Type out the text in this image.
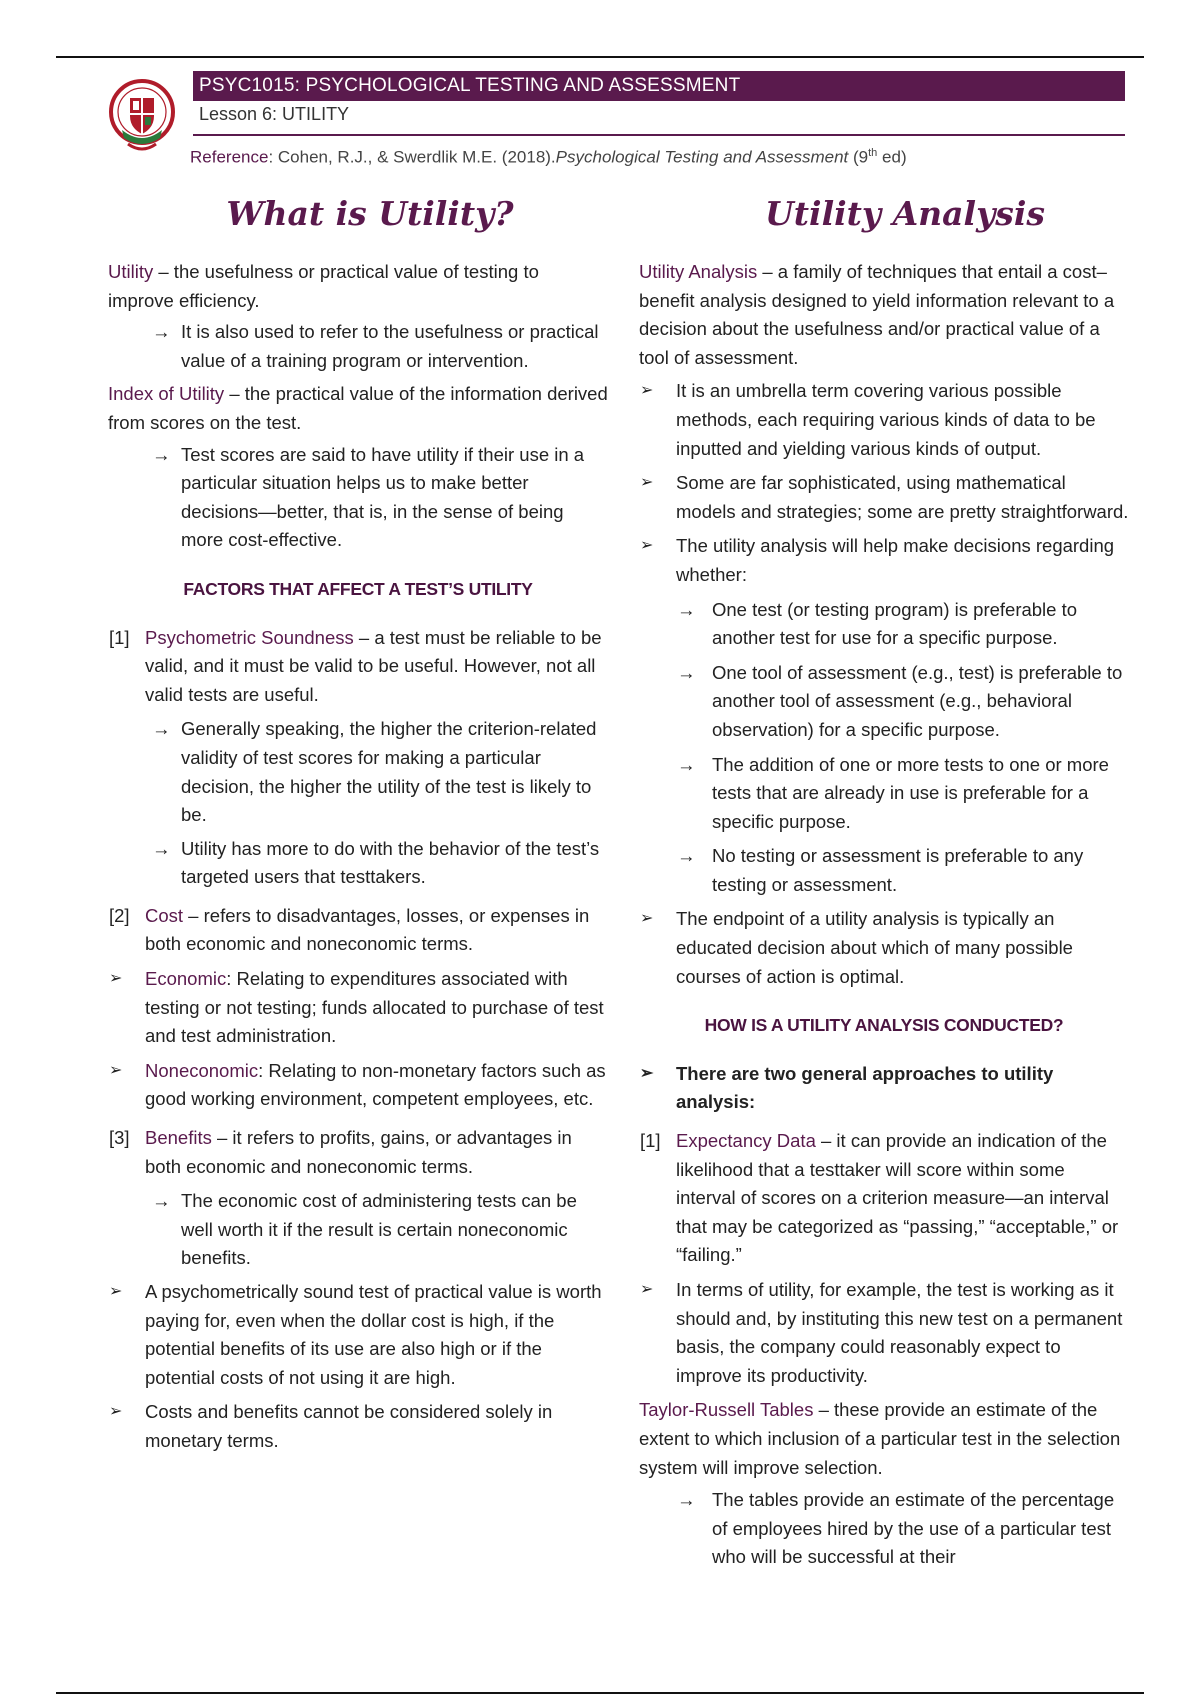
PSYC1015: PSYCHOLOGICAL TESTING AND ASSESSMENT
Lesson 6: UTILITY
Reference: Cohen, R.J., & Swerdlik M.E. (2018).Psychological Testing and Assessment (9th ed)
What is Utility?	Utility Analysis

Utility – the usefulness or practical value of testing to improve efficiency.

→ It is also used to refer to the usefulness or practical value of a training program or intervention.

Index of Utility – the practical value of the information derived from scores on the test.

→ Test scores are said to have utility if their use in a particular situation helps us to make better decisions—better, that is, in the sense of being more cost-effective.
FACTORS THAT AFFECT A TEST’S UTILITY
[1] Psychometric Soundness – a test must be reliable to be valid, and it must be valid to be useful. However, not all valid tests are useful.
→ Generally speaking, the higher the criterion-related validity of test scores for making a particular decision, the higher the utility of the test is likely to be.
→ Utility has more to do with the behavior of the test’s targeted users that testtakers.
[2] Cost – refers to disadvantages, losses, or expenses in both economic and noneconomic terms.
➢ Economic: Relating to expenditures associated with testing or not testing; funds allocated to purchase of test and test administration.
➢ Noneconomic: Relating to non-monetary factors such as good working environment, competent employees, etc.
[3] Benefits – it refers to profits, gains, or advantages in both economic and noneconomic terms.
→ The economic cost of administering tests can be well worth it if the result is certain noneconomic benefits.
➢ A psychometrically sound test of practical value is worth paying for, even when the dollar cost is high, if the potential benefits of its use are also high or if the potential costs of not using it are high.
➢ Costs and benefits cannot be considered solely in monetary terms.

Utility Analysis – a family of techniques that entail a cost–benefit analysis designed to yield information relevant to a decision about the usefulness and/or practical value of a tool of assessment.

➢ It is an umbrella term covering various possible methods, each requiring various kinds of data to be inputted and yielding various kinds of output.
➢ Some are far sophisticated, using mathematical models and strategies; some are pretty straightforward.
➢ The utility analysis will help make decisions regarding whether:
→ One test (or testing program) is preferable to another test for use for a specific purpose.
→ One tool of assessment (e.g., test) is preferable to another tool of assessment (e.g., behavioral observation) for a specific purpose.
→ The addition of one or more tests to one or more tests that are already in use is preferable for a specific purpose.
→ No testing or assessment is preferable to any testing or assessment.
➢ The endpoint of a utility analysis is typically an educated decision about which of many possible courses of action is optimal.
HOW IS A UTILITY ANALYSIS CONDUCTED?
➢ There are two general approaches to utility analysis:
[1] Expectancy Data – it can provide an indication of the likelihood that a testtaker will score within some interval of scores on a criterion measure—an interval that may be categorized as “passing,” “acceptable,” or “failing.”
➢ In terms of utility, for example, the test is working as it should and, by instituting this new test on a permanent basis, the company could reasonably expect to improve its productivity.

Taylor-Russell Tables – these provide an estimate of the extent to which inclusion of a particular test in the selection system will improve selection.

→ The tables provide an estimate of the percentage of employees hired by the use of a particular test who will be successful at their
